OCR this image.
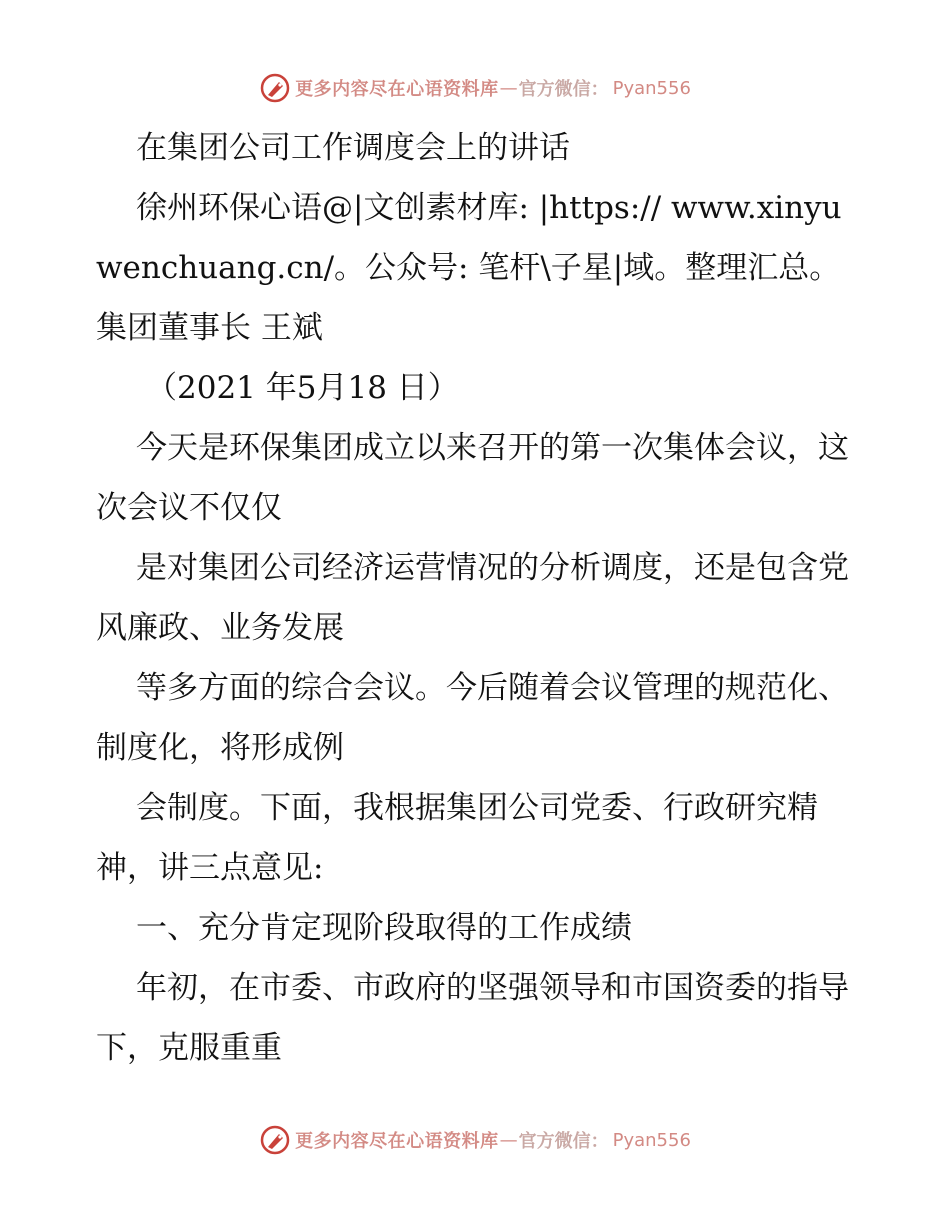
更多内容尽在心语资料库 — 官方微信： Pyan556

在集团公司工作调度会上的讲话

徐州环保心语@|文创素材库: |https:// www.xinyuwenchuang.cn/。公众号: 笔杆\子星|域。整理汇总。集团董事长 王斌

（2021 年5月18 日）

今天是环保集团成立以来召开的第一次集体会议，这次会议不仅仅

是对集团公司经济运营情况的分析调度，还是包含党风廉政、业务发展

等多方面的综合会议。今后随着会议管理的规范化、制度化，将形成例

会制度。下面，我根据集团公司党委、行政研究精神，讲三点意见:

一、充分肯定现阶段取得的工作成绩

年初，在市委、市政府的坚强领导和市国资委的指导下，克服重重

更多内容尽在心语资料库 — 官方微信： Pyan556
